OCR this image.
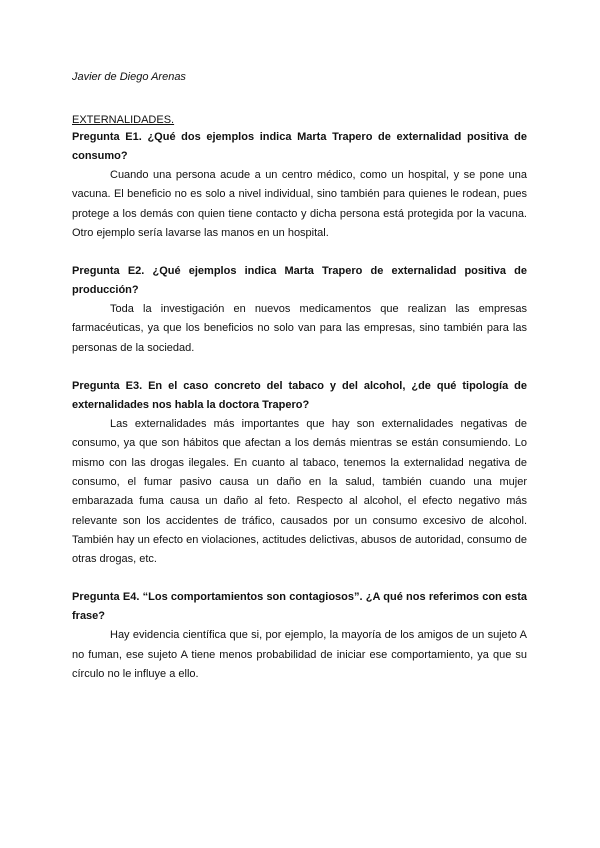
Javier de Diego Arenas

EXTERNALIDADES.

Pregunta E1. ¿Qué dos ejemplos indica Marta Trapero de externalidad positiva de consumo?

Cuando una persona acude a un centro médico, como un hospital, y se pone una vacuna. El beneficio no es solo a nivel individual, sino también para quienes le rodean, pues protege a los demás con quien tiene contacto y dicha persona está protegida por la vacuna. Otro ejemplo sería lavarse las manos en un hospital.

Pregunta E2. ¿Qué ejemplos indica Marta Trapero de externalidad positiva de producción?

Toda la investigación en nuevos medicamentos que realizan las empresas farmacéuticas, ya que los beneficios no solo van para las empresas, sino también para las personas de la sociedad.

Pregunta E3. En el caso concreto del tabaco y del alcohol, ¿de qué tipología de externalidades nos habla la doctora Trapero?

Las externalidades más importantes que hay son externalidades negativas de consumo, ya que son hábitos que afectan a los demás mientras se están consumiendo. Lo mismo con las drogas ilegales. En cuanto al tabaco, tenemos la externalidad negativa de consumo, el fumar pasivo causa un daño en la salud, también cuando una mujer embarazada fuma causa un daño al feto. Respecto al alcohol, el efecto negativo más relevante son los accidentes de tráfico, causados por un consumo excesivo de alcohol. También hay un efecto en violaciones, actitudes delictivas, abusos de autoridad, consumo de otras drogas, etc.

Pregunta E4. “Los comportamientos son contagiosos”. ¿A qué nos referimos con esta frase?

Hay evidencia científica que si, por ejemplo, la mayoría de los amigos de un sujeto A no fuman, ese sujeto A tiene menos probabilidad de iniciar ese comportamiento, ya que su círculo no le influye a ello.
